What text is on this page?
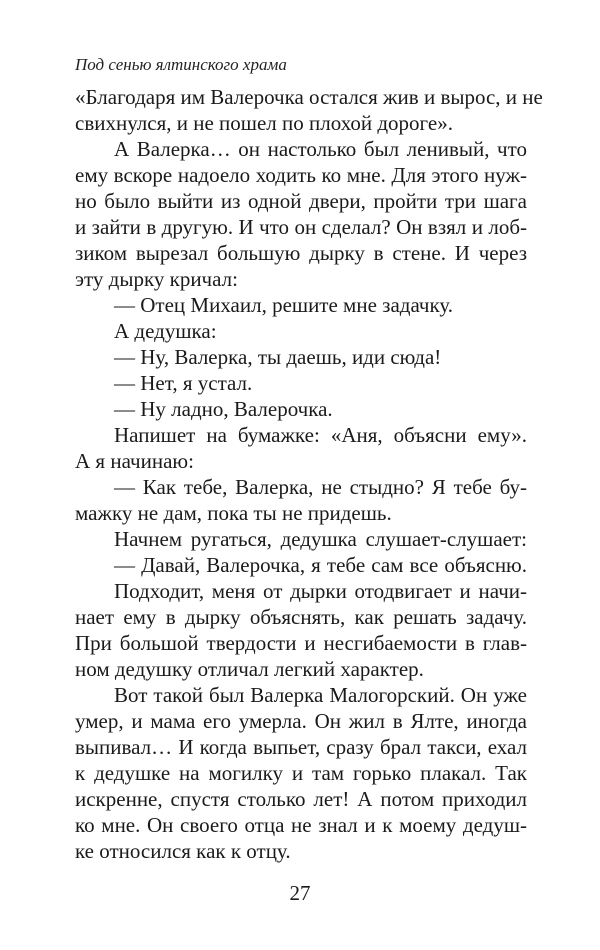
Под сенью ялтинского храма
«Благодаря им Валерочка остался жив и вырос, и не
свихнулся, и не пошел по плохой дороге».
А Валерка… он настолько был ленивый, что
ему вскоре надоело ходить ко мне. Для этого нуж-
но было выйти из одной двери, пройти три шага
и зайти в другую. И что он сделал? Он взял и лоб-
зиком вырезал большую дырку в стене. И через
эту дырку кричал:
— Отец Михаил, решите мне задачку.
А дедушка:
— Ну, Валерка, ты даешь, иди сюда!
— Нет, я устал.
— Ну ладно, Валерочка.
Напишет на бумажке: «Аня, объясни ему».
А я начинаю:
— Как тебе, Валерка, не стыдно? Я тебе бу-
мажку не дам, пока ты не придешь.
Начнем ругаться, дедушка слушает-слушает:
— Давай, Валерочка, я тебе сам все объясню.
Подходит, меня от дырки отодвигает и начи-
нает ему в дырку объяснять, как решать задачу.
При большой твердости и несгибаемости в глав-
ном дедушку отличал легкий характер.
Вот такой был Валерка Малогорский. Он уже
умер, и мама его умерла. Он жил в Ялте, иногда
выпивал… И когда выпьет, сразу брал такси, ехал
к дедушке на могилку и там горько плакал. Так
искренне, спустя столько лет! А потом приходил
ко мне. Он своего отца не знал и к моему дедуш-
ке относился как к отцу.
27
